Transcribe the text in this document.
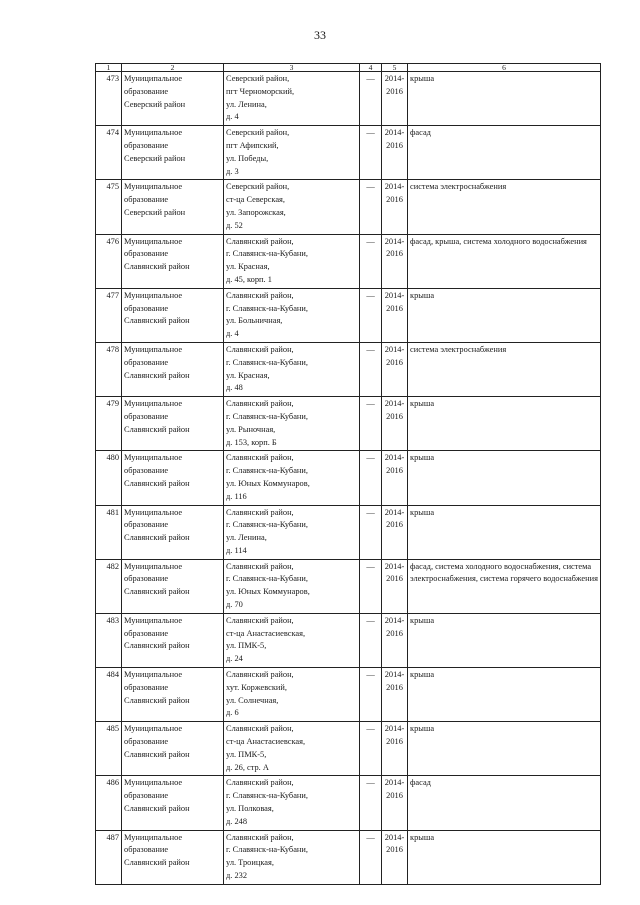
33
1	2	3	4	5	6
473	Муниципальное
образование
Северский район	Северский район,
пгт Черноморский,
ул. Ленина,
д. 4	—	2014-
2016	крыша

474	Муниципальное
образование
Северский район	Северский район,
пгт Афипский,
ул. Победы,
д. 3	—	2014-
2016	фасад

475	Муниципальное
образование
Северский район	Северский район,
ст-ца Северская,
ул. Запорожская,
д. 52	—	2014-
2016	система электроснабжения

476	Муниципальное
образование
Славянский район	Славянский район,
г. Славянск-на-Кубани,
ул. Красная,
д. 45, корп. 1	—	2014-
2016	фасад, крыша, система холодного водоснабжения

477	Муниципальное
образование
Славянский район	Славянский район,
г. Славянск-на-Кубани,
ул. Больничная,
д. 4	—	2014-
2016	крыша

478	Муниципальное
образование
Славянский район	Славянский район,
г. Славянск-на-Кубани,
ул. Красная,
д. 48	—	2014-
2016	система электроснабжения

479	Муниципальное
образование
Славянский район	Славянский район,
г. Славянск-на-Кубани,
ул. Рыночная,
д. 153, корп. Б	—	2014-
2016	крыша

480	Муниципальное
образование
Славянский район	Славянский район,
г. Славянск-на-Кубани,
ул. Юных Коммунаров,
д. 116	—	2014-
2016	крыша

481	Муниципальное
образование
Славянский район	Славянский район,
г. Славянск-на-Кубани,
ул. Ленина,
д. 114	—	2014-
2016	крыша

482	Муниципальное
образование
Славянский район	Славянский район,
г. Славянск-на-Кубани,
ул. Юных Коммунаров,
д. 70	—	2014-
2016	фасад, система холодного водоснабжения, система электроснабжения, система горячего водоснабжения

483	Муниципальное
образование
Славянский район	Славянский район,
ст-ца Анастасиевская,
ул. ПМК-5,
д. 24	—	2014-
2016	крыша

484	Муниципальное
образование
Славянский район	Славянский район,
хут. Коржевский,
ул. Солнечная,
д. 6	—	2014-
2016	крыша

485	Муниципальное
образование
Славянский район	Славянский район,
ст-ца Анастасиевская,
ул. ПМК-5,
д. 26, стр. А	—	2014-
2016	крыша

486	Муниципальное
образование
Славянский район	Славянский район,
г. Славянск-на-Кубани,
ул. Полковая,
д. 248	—	2014-
2016	фасад

487	Муниципальное
образование
Славянский район	Славянский район,
г. Славянск-на-Кубани,
ул. Троицкая,
д. 232	—	2014-
2016	крыша
